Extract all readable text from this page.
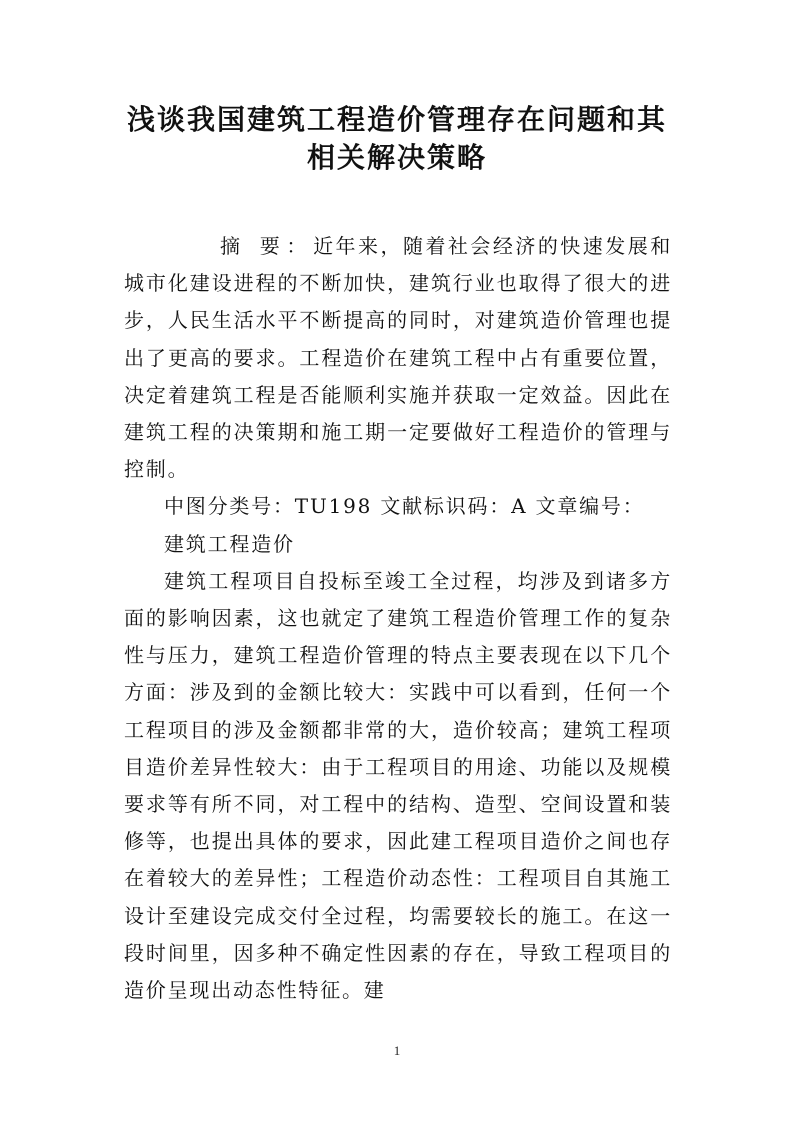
浅谈我国建筑工程造价管理存在问题和其
相关解决策略

摘 要：近年来，随着社会经济的快速发展和城市化建设进程的不断加快，建筑行业也取得了很大的进步，人民生活水平不断提高的同时，对建筑造价管理也提出了更高的要求。工程造价在建筑工程中占有重要位置，决定着建筑工程是否能顺利实施并获取一定效益。因此在建筑工程的决策期和施工期一定要做好工程造价的管理与控制。

中图分类号：TU198 文献标识码：A 文章编号：

建筑工程造价

建筑工程项目自投标至竣工全过程，均涉及到诸多方面的影响因素，这也就定了建筑工程造价管理工作的复杂性与压力，建筑工程造价管理的特点主要表现在以下几个方面：涉及到的金额比较大：实践中可以看到，任何一个工程项目的涉及金额都非常的大，造价较高；建筑工程项目造价差异性较大：由于工程项目的用途、功能以及规模要求等有所不同，对工程中的结构、造型、空间设置和装修等，也提出具体的要求，因此建工程项目造价之间也存在着较大的差异性；工程造价动态性：工程项目自其施工设计至建设完成交付全过程，均需要较长的施工。在这一段时间里，因多种不确定性因素的存在，导致工程项目的造价呈现出动态性特征。建

1
